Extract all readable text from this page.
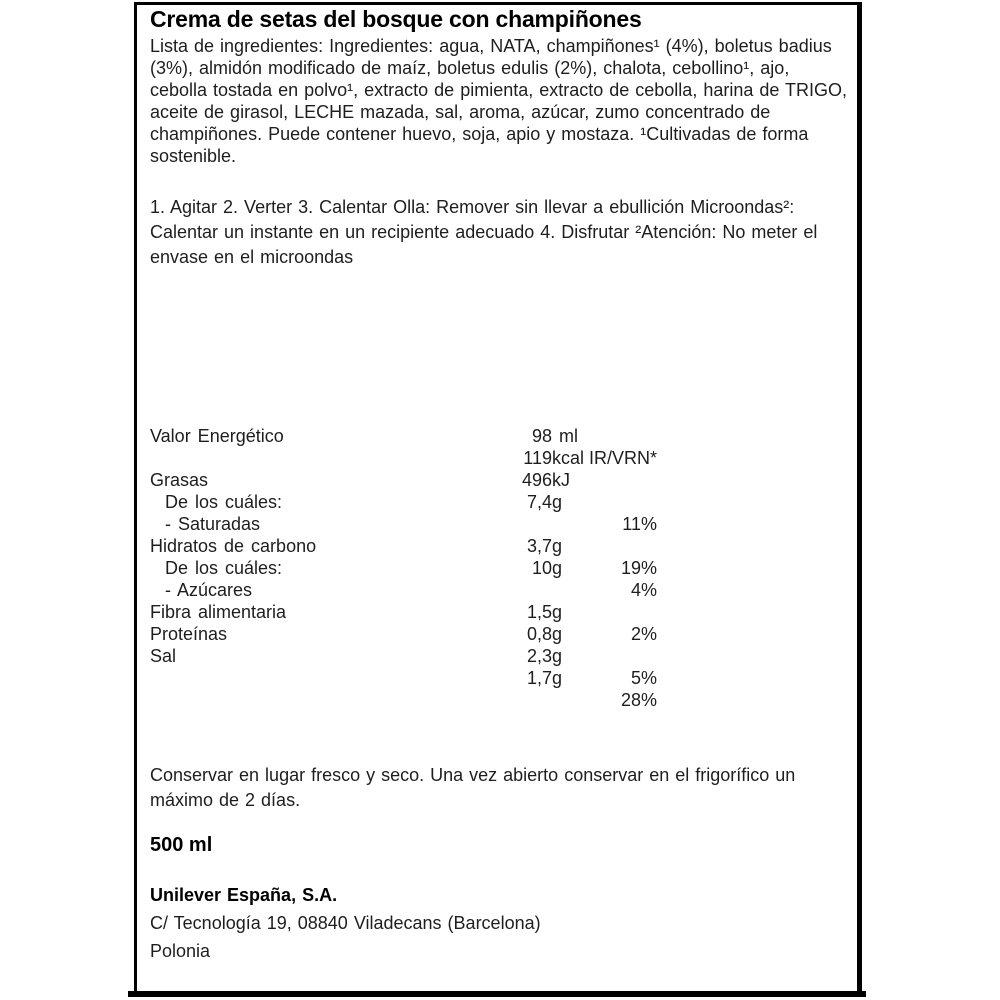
Crema de setas del bosque con champiñones

Lista de ingredientes: Ingredientes: agua, NATA, champiñones¹ (4%), boletus badius (3%), almidón modificado de maíz, boletus edulis (2%), chalota, cebollino¹, ajo, cebolla tostada en polvo¹, extracto de pimienta, extracto de cebolla, harina de TRIGO, aceite de girasol, LECHE mazada, sal, aroma, azúcar, zumo concentrado de champiñones. Puede contener huevo, soja, apio y mostaza. ¹Cultivadas de forma sostenible.

1. Agitar 2. Verter 3. Calentar Olla: Remover sin llevar a ebullición Microondas²: Calentar un instante en un recipiente adecuado 4. Disfrutar ²Atención: No meter el envase en el microondas

98 ml

IR/VRN*

Valor Energético

119kcal

496kJ

Grasas

7,4g

11%

De los cuáles:

- Saturadas

3,7g

19%

Hidratos de carbono

10g

4%

De los cuáles:

- Azúcares

1,5g

2%

Fibra alimentaria

0,8g

Proteínas

2,3g

5%

Sal

1,7g

28%

Conservar en lugar fresco y seco. Una vez abierto conservar en el frigorífico un máximo de 2 días.

500 ml

Unilever España, S.A.

C/ Tecnología 19, 08840 Viladecans (Barcelona)

Polonia
